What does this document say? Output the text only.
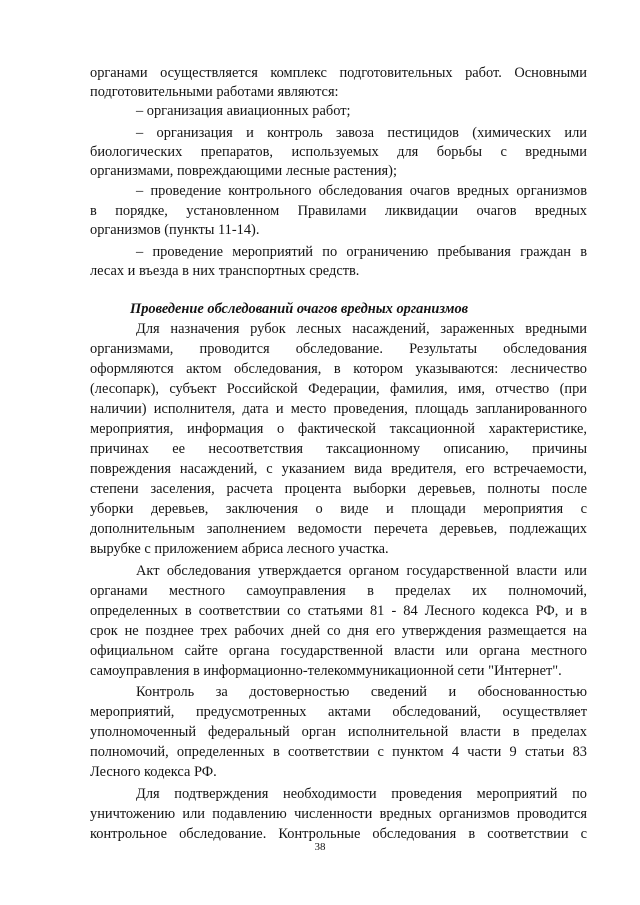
органами осуществляется комплекс подготовительных работ. Основными
подготовительными работами являются:
– организация авиационных работ;
– организация и контроль завоза пестицидов (химических или
биологических препаратов, используемых для борьбы с вредными
организмами, повреждающими лесные растения);
– проведение контрольного обследования очагов вредных организмов
в порядке, установленном Правилами ликвидации очагов вредных
организмов (пункты 11-14).
– проведение мероприятий по ограничению пребывания граждан в
лесах и въезда в них транспортных средств.
Проведение обследований очагов вредных организмов
Для назначения рубок лесных насаждений, зараженных вредными
организмами, проводится обследование. Результаты обследования
оформляются актом обследования, в котором указываются: лесничество
(лесопарк), субъект Российской Федерации, фамилия, имя, отчество (при
наличии) исполнителя, дата и место проведения, площадь запланированного
мероприятия, информация о фактической таксационной характеристике,
причинах ее несоответствия таксационному описанию, причины
повреждения насаждений, с указанием вида вредителя, его встречаемости,
степени заселения, расчета процента выборки деревьев, полноты после
уборки деревьев, заключения о виде и площади мероприятия с
дополнительным заполнением ведомости перечета деревьев, подлежащих
вырубке с приложением абриса лесного участка.
Акт обследования утверждается органом государственной власти или
органами местного самоуправления в пределах их полномочий,
определенных в соответствии со статьями 81 - 84 Лесного кодекса РФ, и в
срок не позднее трех рабочих дней со дня его утверждения размещается на
официальном сайте органа государственной власти или органа местного
самоуправления в информационно-телекоммуникационной сети "Интернет".
Контроль за достоверностью сведений и обоснованностью
мероприятий, предусмотренных актами обследований, осуществляет
уполномоченный федеральный орган исполнительной власти в пределах
полномочий, определенных в соответствии с пунктом 4 части 9 статьи 83
Лесного кодекса РФ.
Для подтверждения необходимости проведения мероприятий по
уничтожению или подавлению численности вредных организмов проводится
контрольное обследование. Контрольные обследования в соответствии с
38
